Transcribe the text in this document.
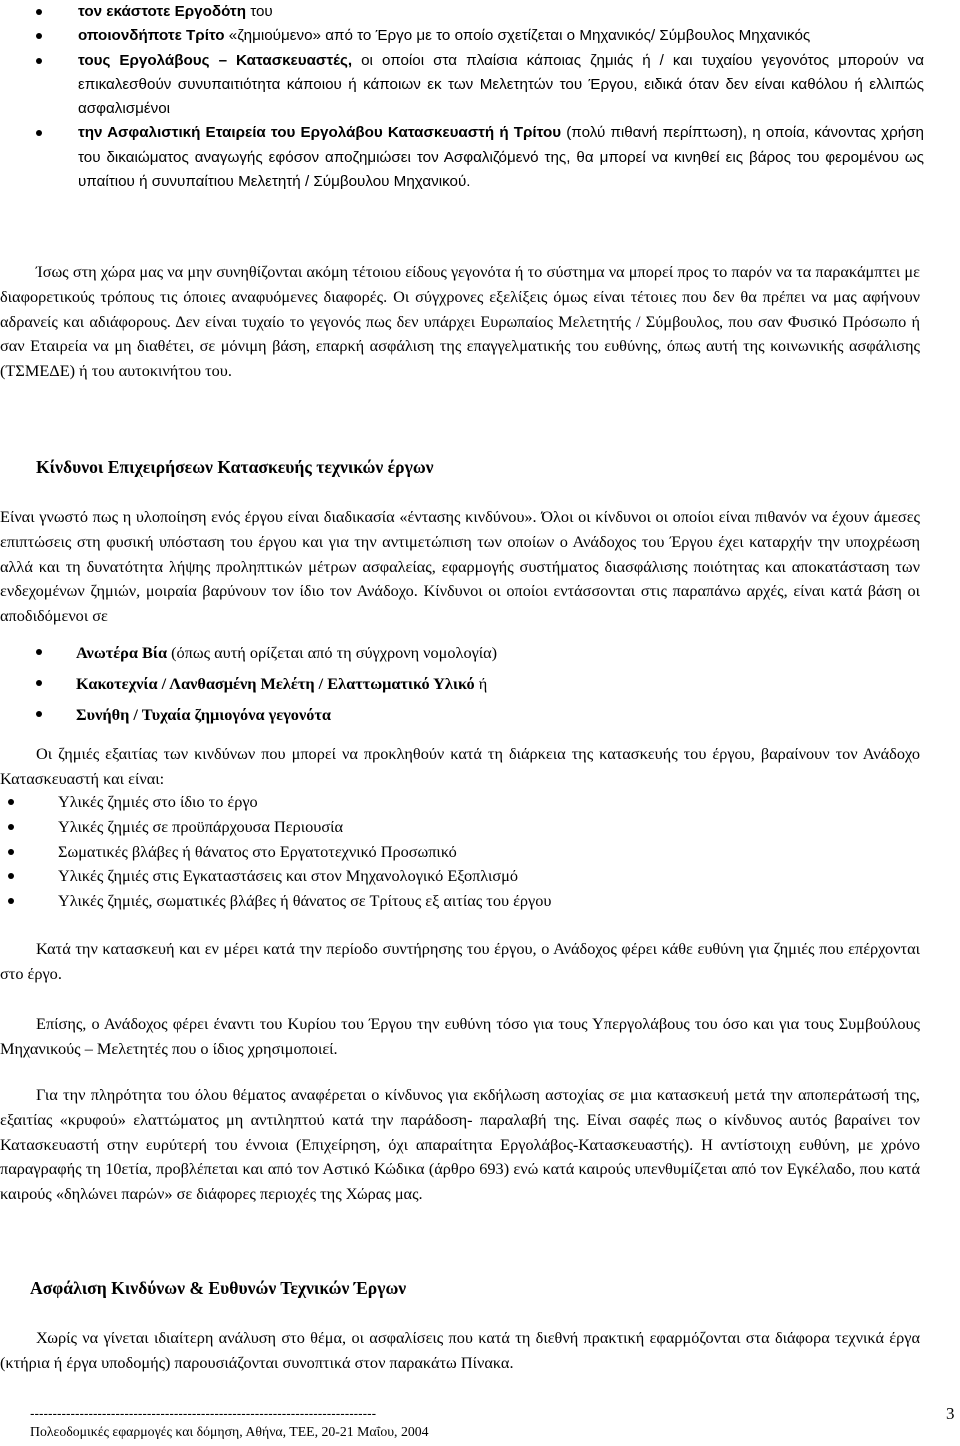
τον εκάστοτε Εργοδότη του
οποιονδήποτε Τρίτο «ζημιούμενο» από το Έργο με το οποίο σχετίζεται ο Μηχανικός/ Σύμβουλος Μηχανικός
τους Εργολάβους – Κατασκευαστές, οι οποίοι στα πλαίσια κάποιας ζημιάς ή / και τυχαίου γεγονότος μπορούν να επικαλεσθούν συνυπαιτιότητα κάποιου ή κάποιων εκ των Μελετητών του Έργου, ειδικά όταν δεν είναι καθόλου ή ελλιπώς ασφαλισμένοι
την Ασφαλιστική Εταιρεία του Εργολάβου Κατασκευαστή ή Τρίτου (πολύ πιθανή περίπτωση), η οποία, κάνοντας χρήση του δικαιώματος αναγωγής εφόσον αποζημιώσει τον Ασφαλιζόμενό της, θα μπορεί να κινηθεί εις βάρος του φερομένου ως υπαίτιου ή συνυπαίτιου Μελετητή / Σύμβουλου Μηχανικού.

Ίσως στη χώρα μας να μην συνηθίζονται ακόμη τέτοιου είδους γεγονότα ή το σύστημα να μπορεί προς το παρόν να τα παρακάμπτει με διαφορετικούς τρόπους τις όποιες αναφυόμενες διαφορές. Οι σύγχρονες εξελίξεις όμως είναι τέτοιες που δεν θα πρέπει να μας αφήνουν αδρανείς και αδιάφορους. Δεν είναι τυχαίο το γεγονός πως δεν υπάρχει Ευρωπαίος Μελετητής / Σύμβουλος, που σαν Φυσικό Πρόσωπο ή σαν Εταιρεία να μη διαθέτει, σε μόνιμη βάση, επαρκή ασφάλιση της επαγγελματικής του ευθύνης, όπως αυτή της κοινωνικής ασφάλισης (ΤΣΜΕΔΕ) ή του αυτοκινήτου του.

Κίνδυνοι Επιχειρήσεων Κατασκευής τεχνικών έργων

Είναι γνωστό πως η υλοποίηση ενός έργου είναι διαδικασία «έντασης κινδύνου». Όλοι οι κίνδυνοι οι οποίοι είναι πιθανόν να έχουν άμεσες επιπτώσεις στη φυσική υπόσταση του έργου και για την αντιμετώπιση των οποίων ο Ανάδοχος του Έργου έχει καταρχήν την υποχρέωση αλλά και τη δυνατότητα λήψης προληπτικών μέτρων ασφαλείας, εφαρμογής συστήματος διασφάλισης ποιότητας και αποκατάσταση των ενδεχομένων ζημιών, μοιραία βαρύνουν τον ίδιο τον Ανάδοχο. Κίνδυνοι οι οποίοι εντάσσονται στις παραπάνω αρχές, είναι κατά βάση οι αποδιδόμενοι σε

Ανωτέρα Βία (όπως αυτή ορίζεται από τη σύγχρονη νομολογία)
Κακοτεχνία / Λανθασμένη Μελέτη / Ελαττωματικό Υλικό ή
Συνήθη / Τυχαία ζημιογόνα γεγονότα

Οι ζημιές εξαιτίας των κινδύνων που μπορεί να προκληθούν κατά τη διάρκεια της κατασκευής του έργου, βαραίνουν τον Ανάδοχο Κατασκευαστή και είναι:

Υλικές ζημιές στο ίδιο το έργο
Υλικές ζημιές σε προϋπάρχουσα Περιουσία
Σωματικές βλάβες ή θάνατος στο Εργατοτεχνικό Προσωπικό
Υλικές ζημιές στις Εγκαταστάσεις και στον Μηχανολογικό Εξοπλισμό
Υλικές ζημιές, σωματικές βλάβες ή θάνατος σε Τρίτους εξ αιτίας του έργου

Κατά την κατασκευή και εν μέρει κατά την περίοδο συντήρησης του έργου, ο Ανάδοχος φέρει κάθε ευθύνη για ζημιές που επέρχονται στο έργο.

Επίσης, ο Ανάδοχος φέρει έναντι του Κυρίου του Έργου την ευθύνη τόσο για τους Υπεργολάβους του όσο και για τους Συμβούλους Μηχανικούς – Μελετητές που ο ίδιος χρησιμοποιεί.

Για την πληρότητα του όλου θέματος αναφέρεται ο κίνδυνος για εκδήλωση αστοχίας σε μια κατασκευή μετά την αποπεράτωσή της, εξαιτίας «κρυφού» ελαττώματος μη αντιληπτού κατά την παράδοση- παραλαβή της. Είναι σαφές πως ο κίνδυνος αυτός βαραίνει τον Κατασκευαστή στην ευρύτερή του έννοια (Επιχείρηση, όχι απαραίτητα Εργολάβος-Κατασκευαστής). Η αντίστοιχη ευθύνη, με χρόνο παραγραφής τη 10ετία, προβλέπεται και από τον Αστικό Κώδικα (άρθρο 693) ενώ κατά καιρούς υπενθυμίζεται από τον Εγκέλαδο, που κατά καιρούς «δηλώνει παρών» σε διάφορες περιοχές της Χώρας μας.

Ασφάλιση Κινδύνων & Ευθυνών Τεχνικών Έργων

Χωρίς να γίνεται ιδιαίτερη ανάλυση στο θέμα, οι ασφαλίσεις που κατά τη διεθνή πρακτική εφαρμόζονται στα διάφορα τεχνικά έργα (κτήρια ή έργα υποδομής) παρουσιάζονται συνοπτικά στον παρακάτω Πίνακα.

-----------------------------------------------------------------------------
Πολεοδομικές εφαρμογές και δόμηση, Αθήνα, ΤΕΕ, 20-21 Μαΐου, 2004
3
